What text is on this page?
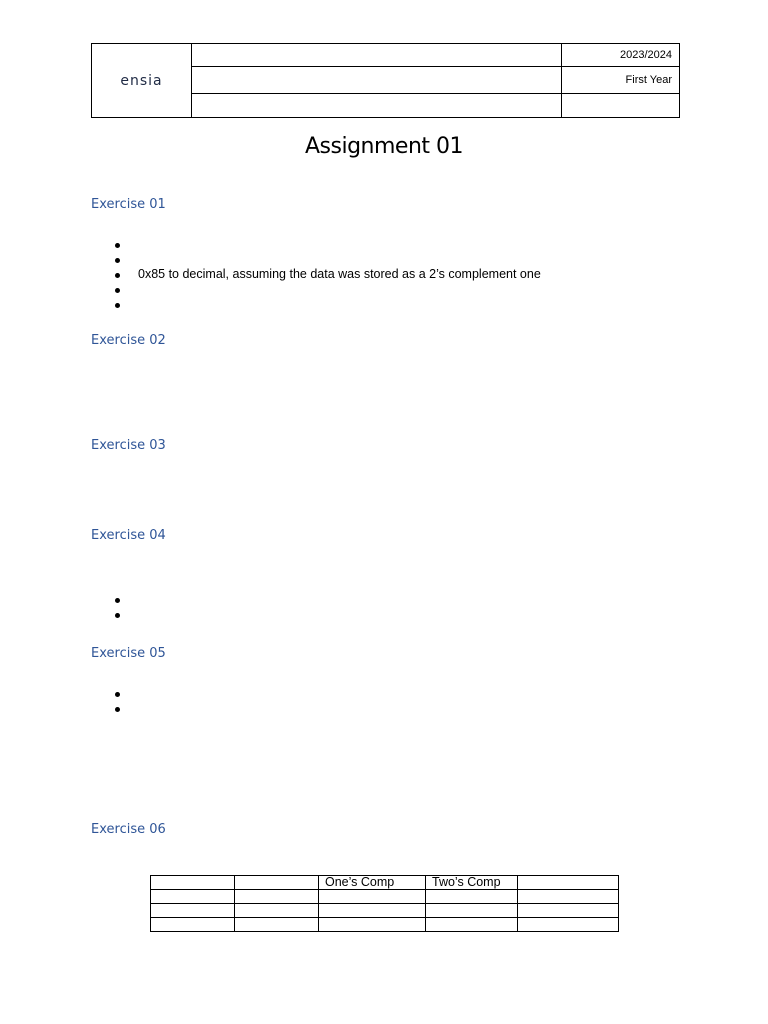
ensia		2023/2024
		First Year

Assignment 01
Exercise 01
0x85 to decimal, assuming the data was stored as a 2’s complement one
Exercise 02
Exercise 03
Exercise 04
Exercise 05
Exercise 06
		One’s Comp	Two’s Comp	
